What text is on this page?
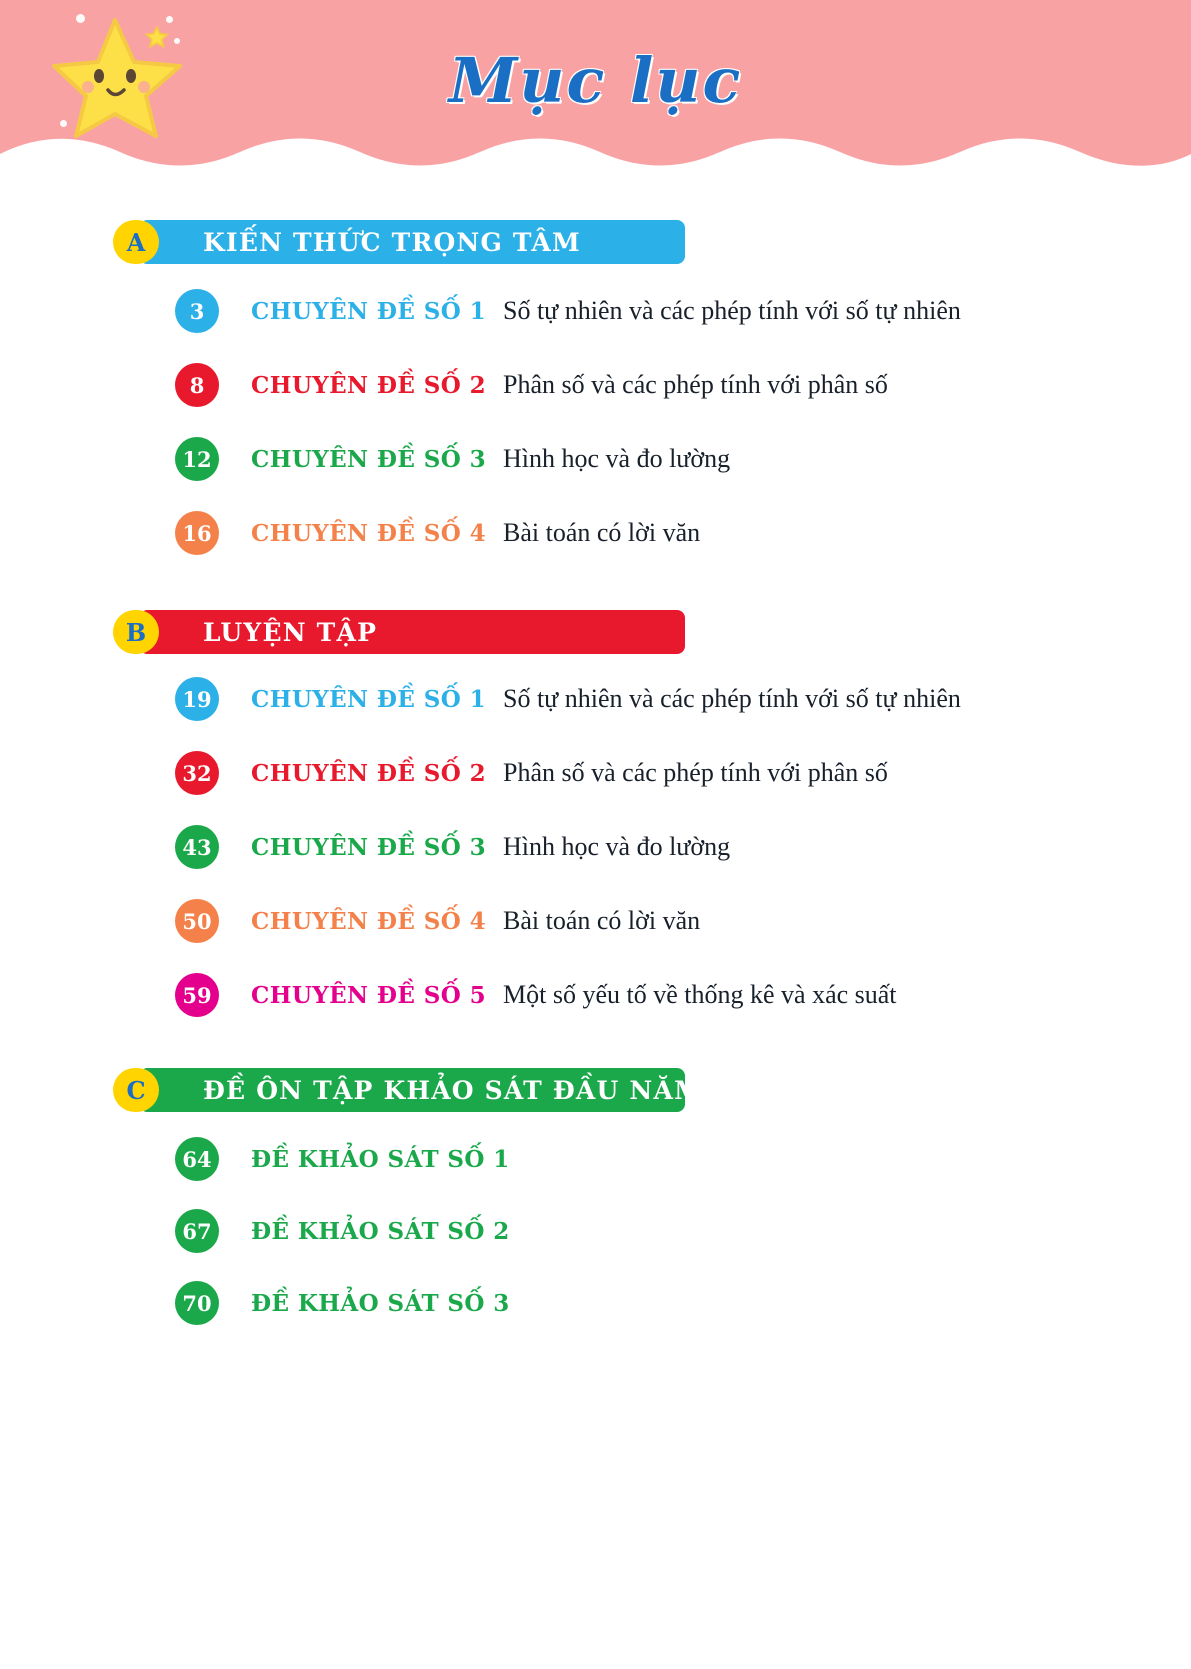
Mục lục
KIẾN THỨC TRỌNG TÂM
A
3	CHUYÊN ĐỀ SỐ 1 Số tự nhiên và các phép tính với số tự nhiên
8	CHUYÊN ĐỀ SỐ 2 Phân số và các phép tính với phân số
12	CHUYÊN ĐỀ SỐ 3 Hình học và đo lường
16	CHUYÊN ĐỀ SỐ 4 Bài toán có lời văn
LUYỆN TẬP
B
19	CHUYÊN ĐỀ SỐ 1 Số tự nhiên và các phép tính với số tự nhiên
32	CHUYÊN ĐỀ SỐ 2 Phân số và các phép tính với phân số
43	CHUYÊN ĐỀ SỐ 3 Hình học và đo lường
50	CHUYÊN ĐỀ SỐ 4 Bài toán có lời văn
59	CHUYÊN ĐỀ SỐ 5 Một số yếu tố về thống kê và xác suất
ĐỀ ÔN TẬP KHẢO SÁT ĐẦU NĂM
C
64	ĐỀ KHẢO SÁT SỐ 1
67	ĐỀ KHẢO SÁT SỐ 2
70	ĐỀ KHẢO SÁT SỐ 3
